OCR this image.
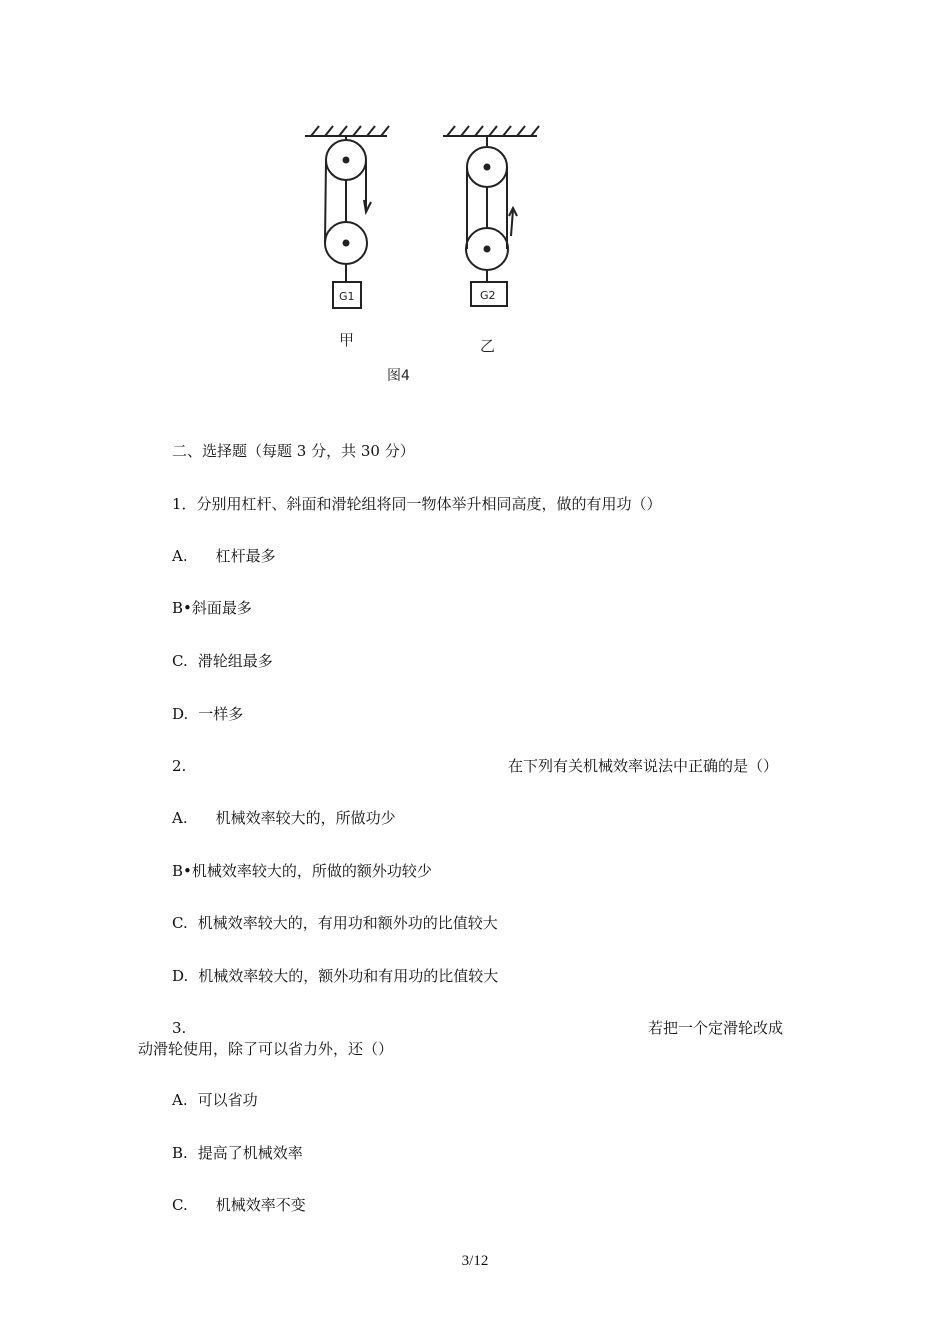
G1
甲
G2
乙
图4
二、选择题（每题 3 分，共 30 分）
1．分别用杠杆、斜面和滑轮组将同一物体举升相同高度，做的有用功（）
A. 杠杆最多
B•斜面最多
C. 滑轮组最多
D. 一样多
2.	在下列有关机械效率说法中正确的是（）
A. 机械效率较大的，所做功少
B•机械效率较大的，所做的额外功较少
C. 机械效率较大的，有用功和额外功的比值较大
D. 机械效率较大的，额外功和有用功的比值较大
3.	若把一个定滑轮改成
动滑轮使用，除了可以省力外，还（）
A. 可以省功
B. 提高了机械效率
C. 机械效率不变
3/12
